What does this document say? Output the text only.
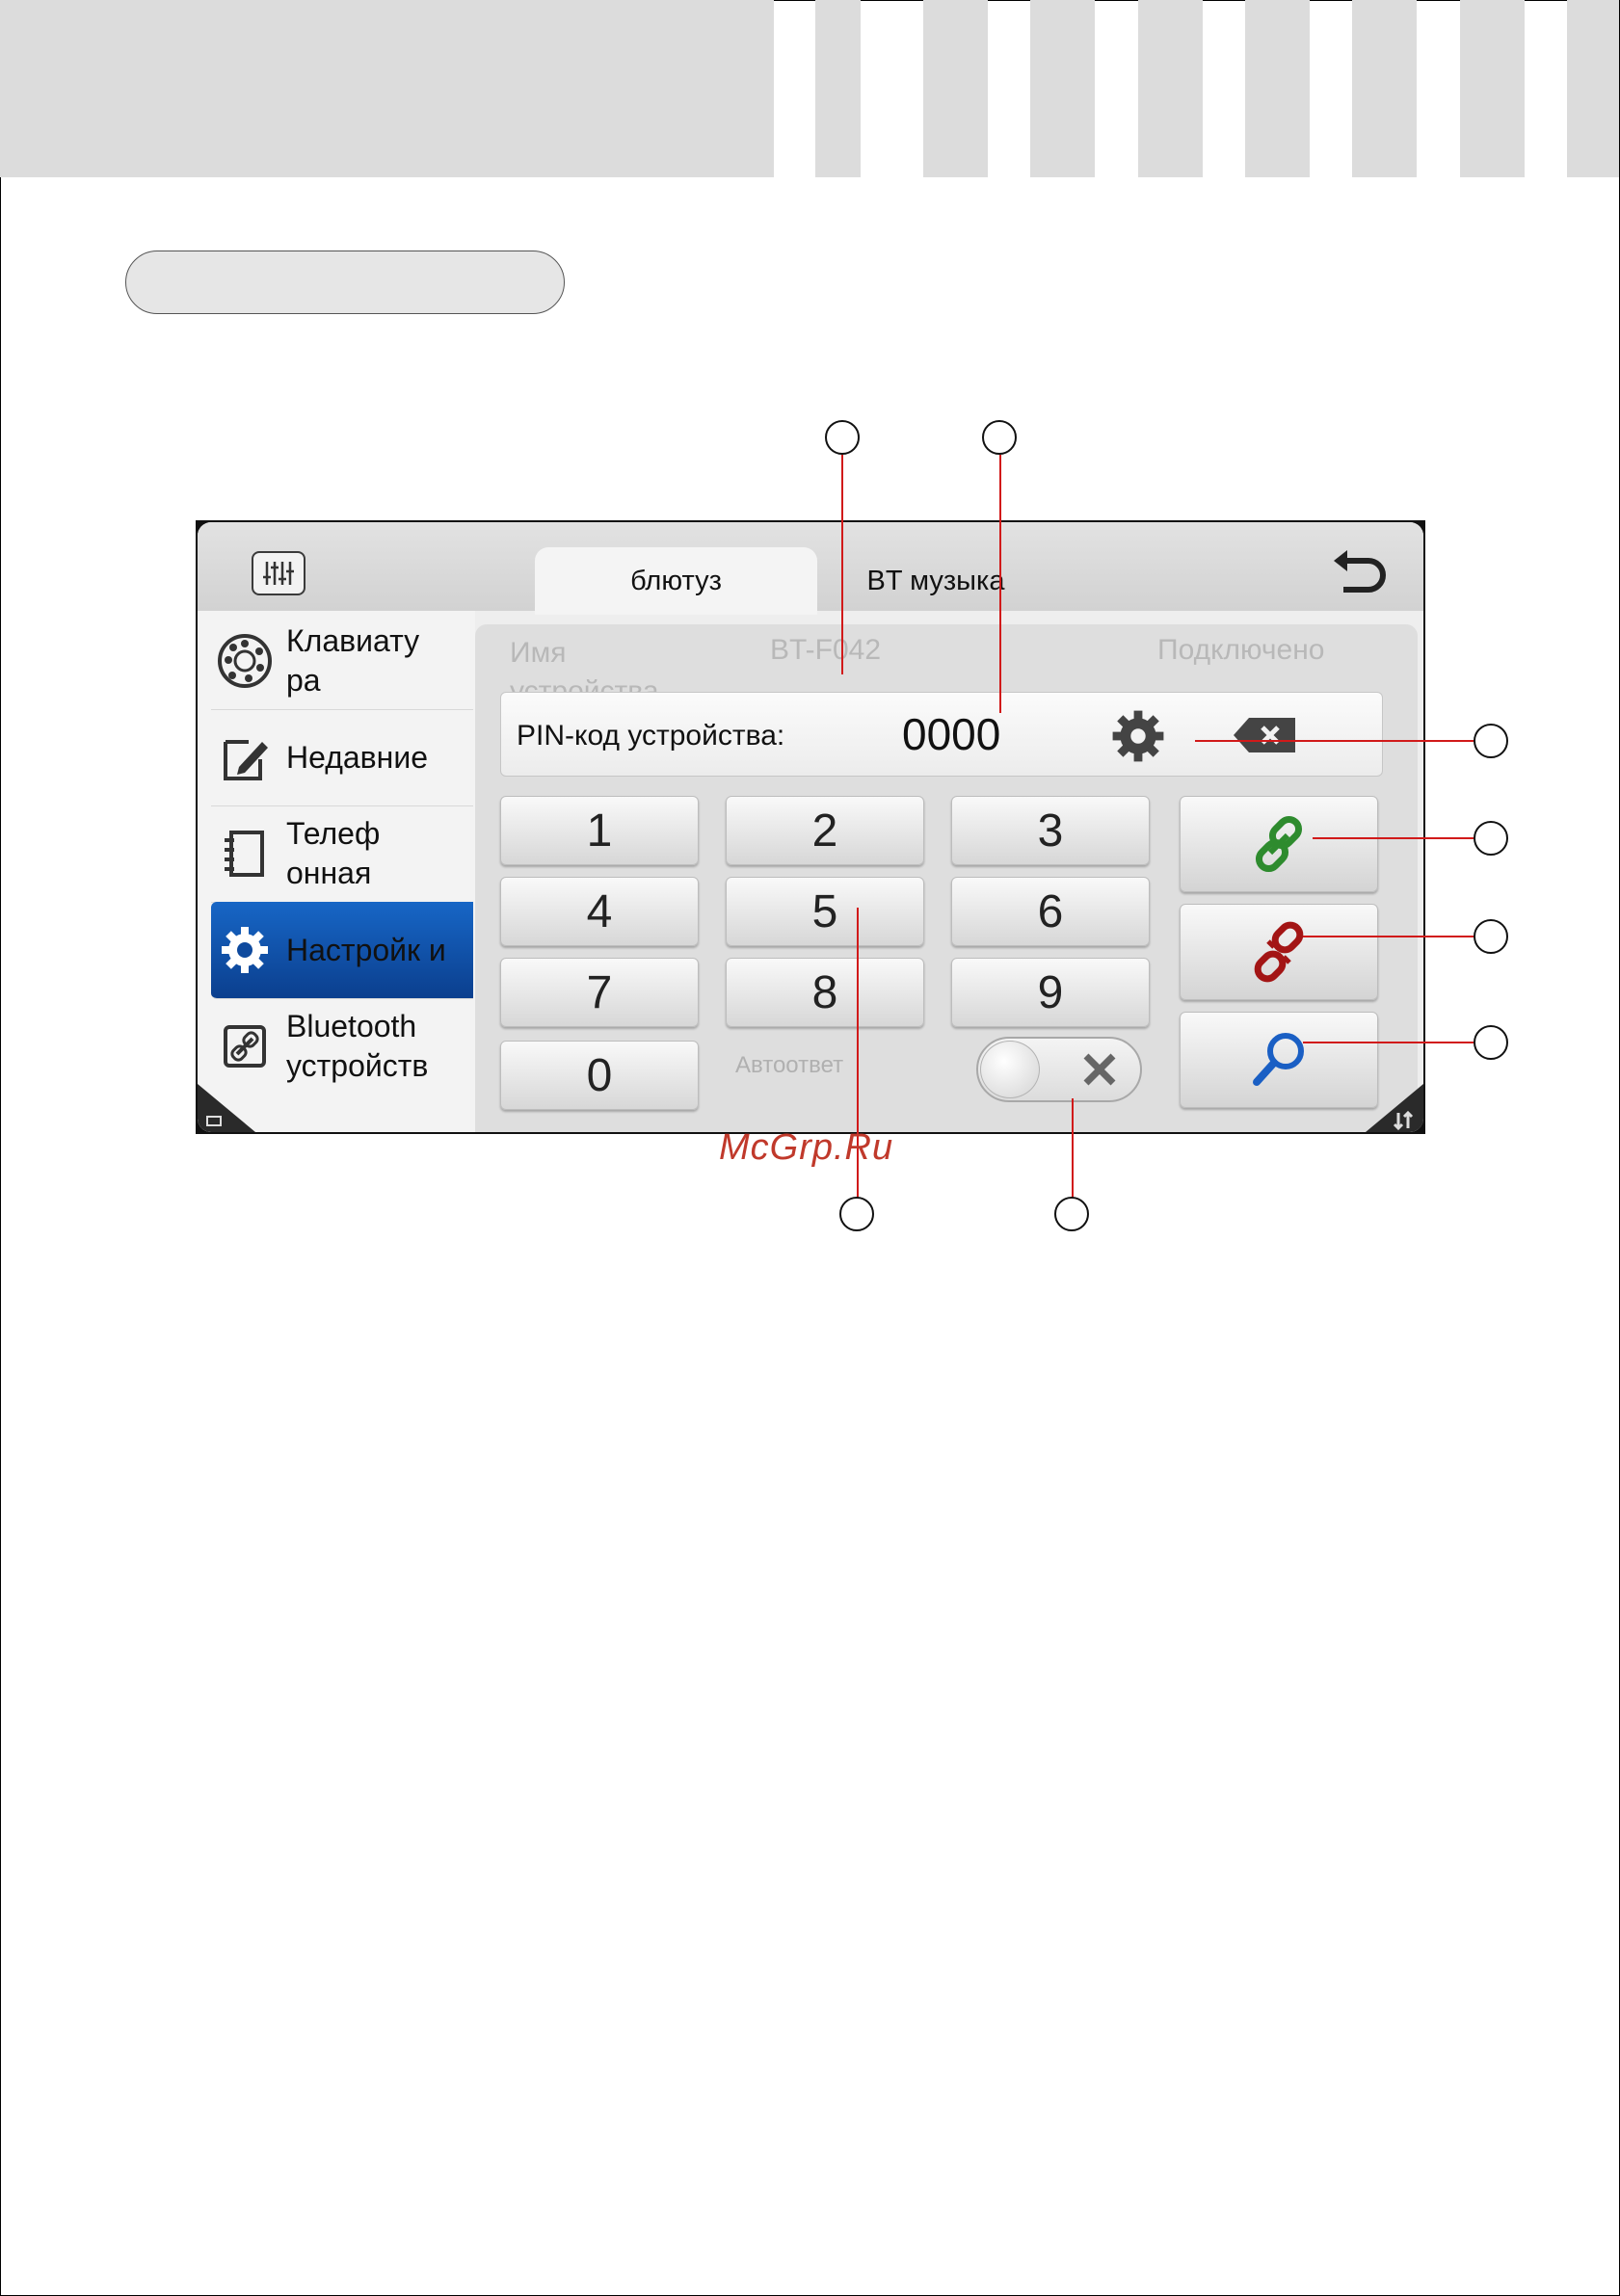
блютуз	BT музыка
Клавиату ра
Недавние
Телеф онная
Настройк и
Bluetooth устройств
Имя	BT-F042	Подключено
PIN-код устройства:	0000
1	2	3
4	5	6
7	8	9
0	Автоответ
McGrp.Ru
